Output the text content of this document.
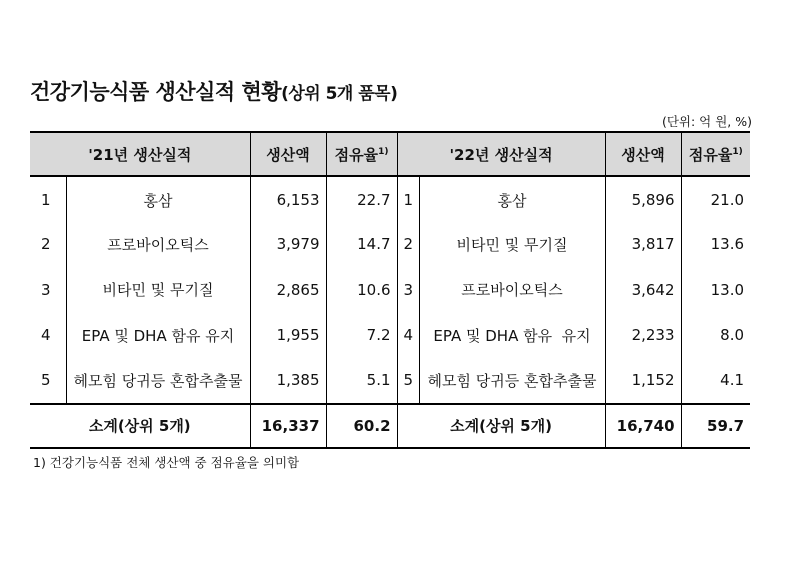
건강기능식품 생산실적 현황(상위 5개 품목)
(단위: 억 원, %)
'21년 생산실적		생산액	점유율$^{1)}$	'22년 생산실적		생산액	점유율$^{1)}$
1	홍삼	6,153	22.7	1	홍삼	5,896	21.0
2	프로바이오틱스	3,979	14.7	2	비타민 및 무기질	3,817	13.6
3	비타민 및 무기질	2,865	10.6	3	프로바이오틱스	3,642	13.0
4	EPA 및 DHA 함유 유지	1,955	7.2	4	EPA 및 DHA 함유  유지	2,233	8.0
5	헤모힘 당귀등 혼합추출물	1,385	5.1	5	헤모힘 당귀등 혼합추출물	1,152	4.1
소계(상위 5개)		16,337	60.2	소계(상위 5개)		16,740	59.7
1) 건강기능식품 전체 생산액 중 점유율을 의미함
